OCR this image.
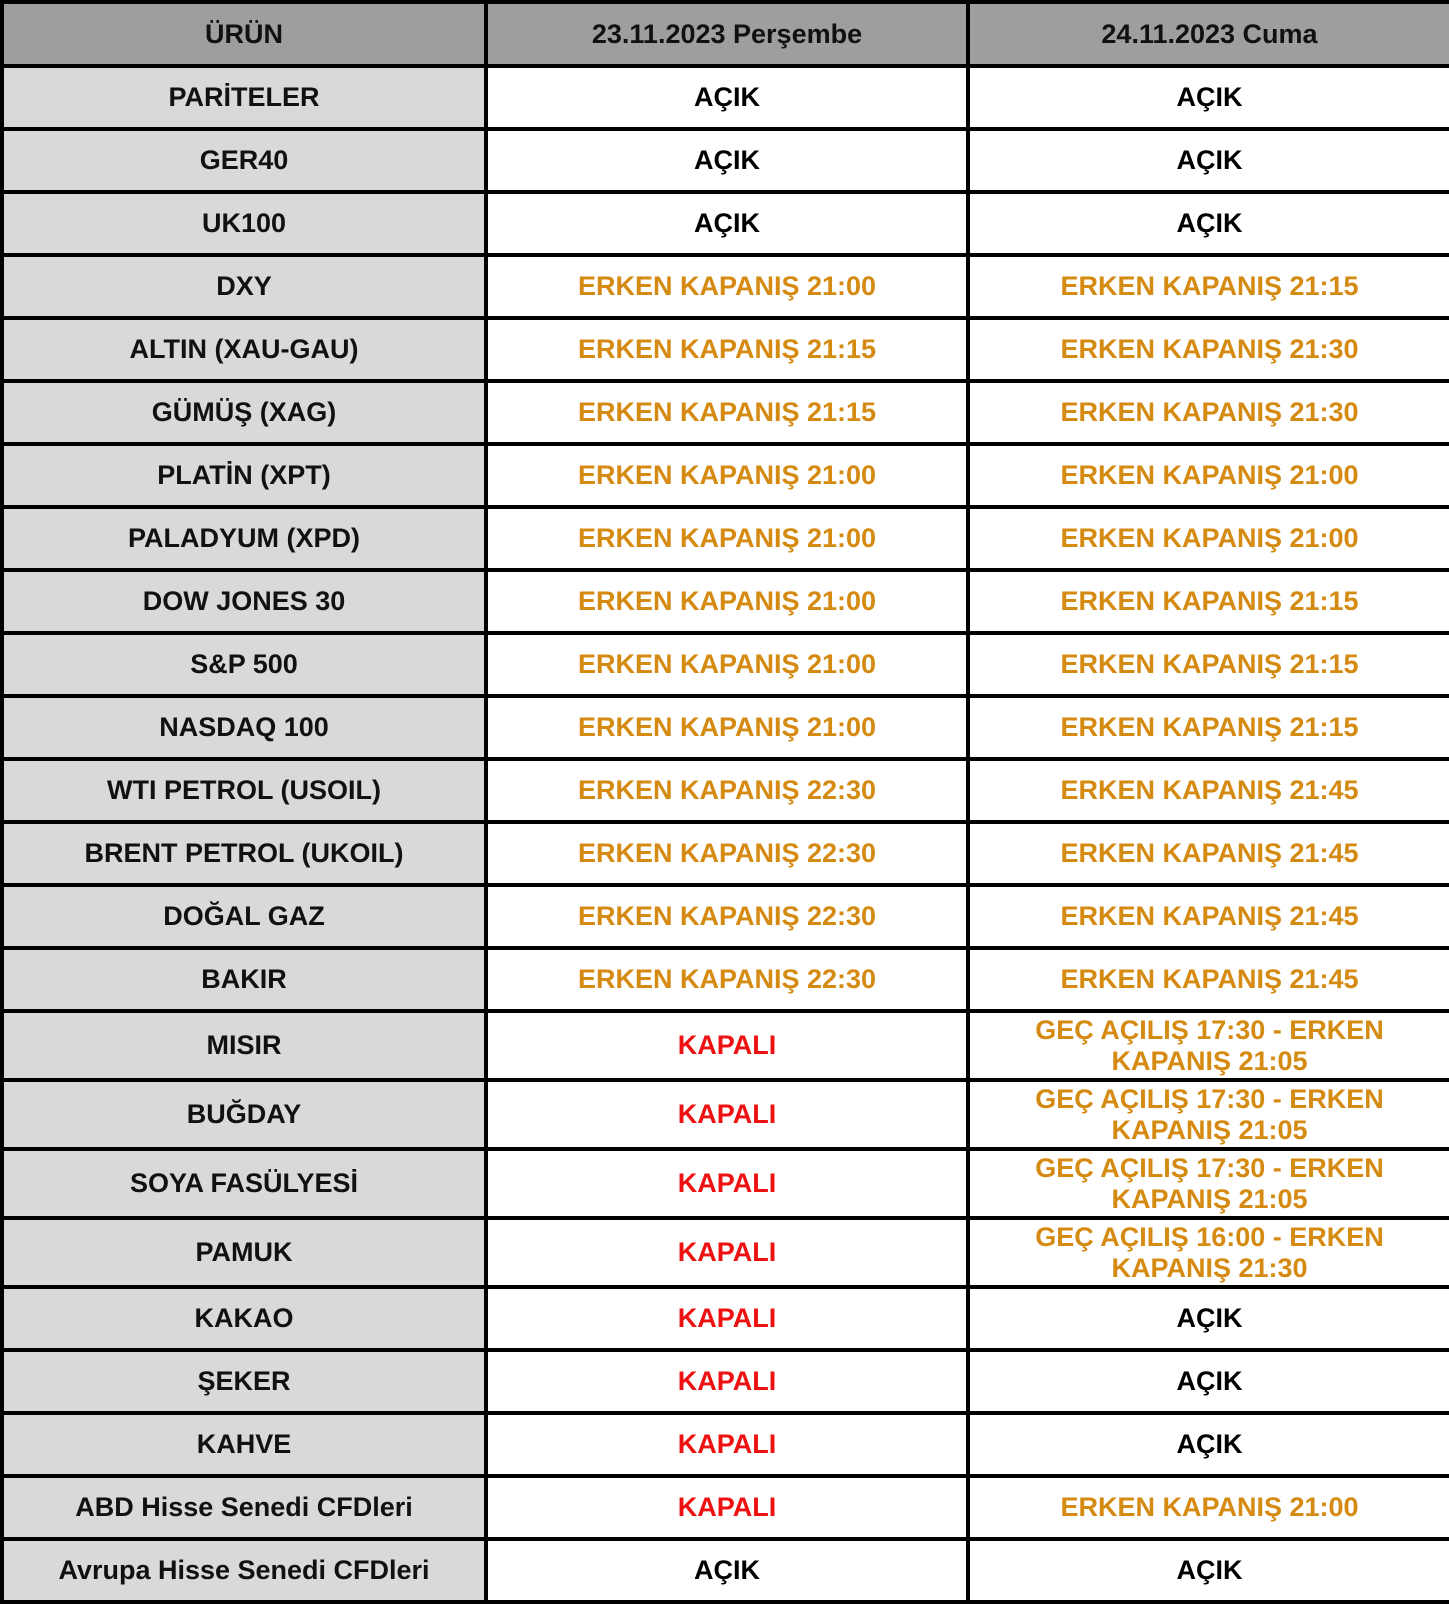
ÜRÜN	23.11.2023 Perşembe	24.11.2023 Cuma
PARİTELER	AÇIK	AÇIK
GER40	AÇIK	AÇIK
UK100	AÇIK	AÇIK
DXY	ERKEN KAPANIŞ 21:00	ERKEN KAPANIŞ 21:15
ALTIN (XAU-GAU)	ERKEN KAPANIŞ 21:15	ERKEN KAPANIŞ 21:30
GÜMÜŞ (XAG)	ERKEN KAPANIŞ 21:15	ERKEN KAPANIŞ 21:30
PLATİN (XPT)	ERKEN KAPANIŞ 21:00	ERKEN KAPANIŞ 21:00
PALADYUM (XPD)	ERKEN KAPANIŞ 21:00	ERKEN KAPANIŞ 21:00
DOW JONES 30	ERKEN KAPANIŞ 21:00	ERKEN KAPANIŞ 21:15
S&P 500	ERKEN KAPANIŞ 21:00	ERKEN KAPANIŞ 21:15
NASDAQ 100	ERKEN KAPANIŞ 21:00	ERKEN KAPANIŞ 21:15
WTI PETROL (USOIL)	ERKEN KAPANIŞ 22:30	ERKEN KAPANIŞ 21:45
BRENT PETROL (UKOIL)	ERKEN KAPANIŞ 22:30	ERKEN KAPANIŞ 21:45
DOĞAL GAZ	ERKEN KAPANIŞ 22:30	ERKEN KAPANIŞ 21:45
BAKIR	ERKEN KAPANIŞ 22:30	ERKEN KAPANIŞ 21:45
MISIR	KAPALI	GEÇ AÇILIŞ 17:30 - ERKEN KAPANIŞ 21:05
BUĞDAY	KAPALI	GEÇ AÇILIŞ 17:30 - ERKEN KAPANIŞ 21:05
SOYA FASÜLYESİ	KAPALI	GEÇ AÇILIŞ 17:30 - ERKEN KAPANIŞ 21:05
PAMUK	KAPALI	GEÇ AÇILIŞ 16:00 - ERKEN KAPANIŞ 21:30
KAKAO	KAPALI	AÇIK
ŞEKER	KAPALI	AÇIK
KAHVE	KAPALI	AÇIK
ABD Hisse Senedi CFDleri	KAPALI	ERKEN KAPANIŞ 21:00
Avrupa Hisse Senedi CFDleri	AÇIK	AÇIK
